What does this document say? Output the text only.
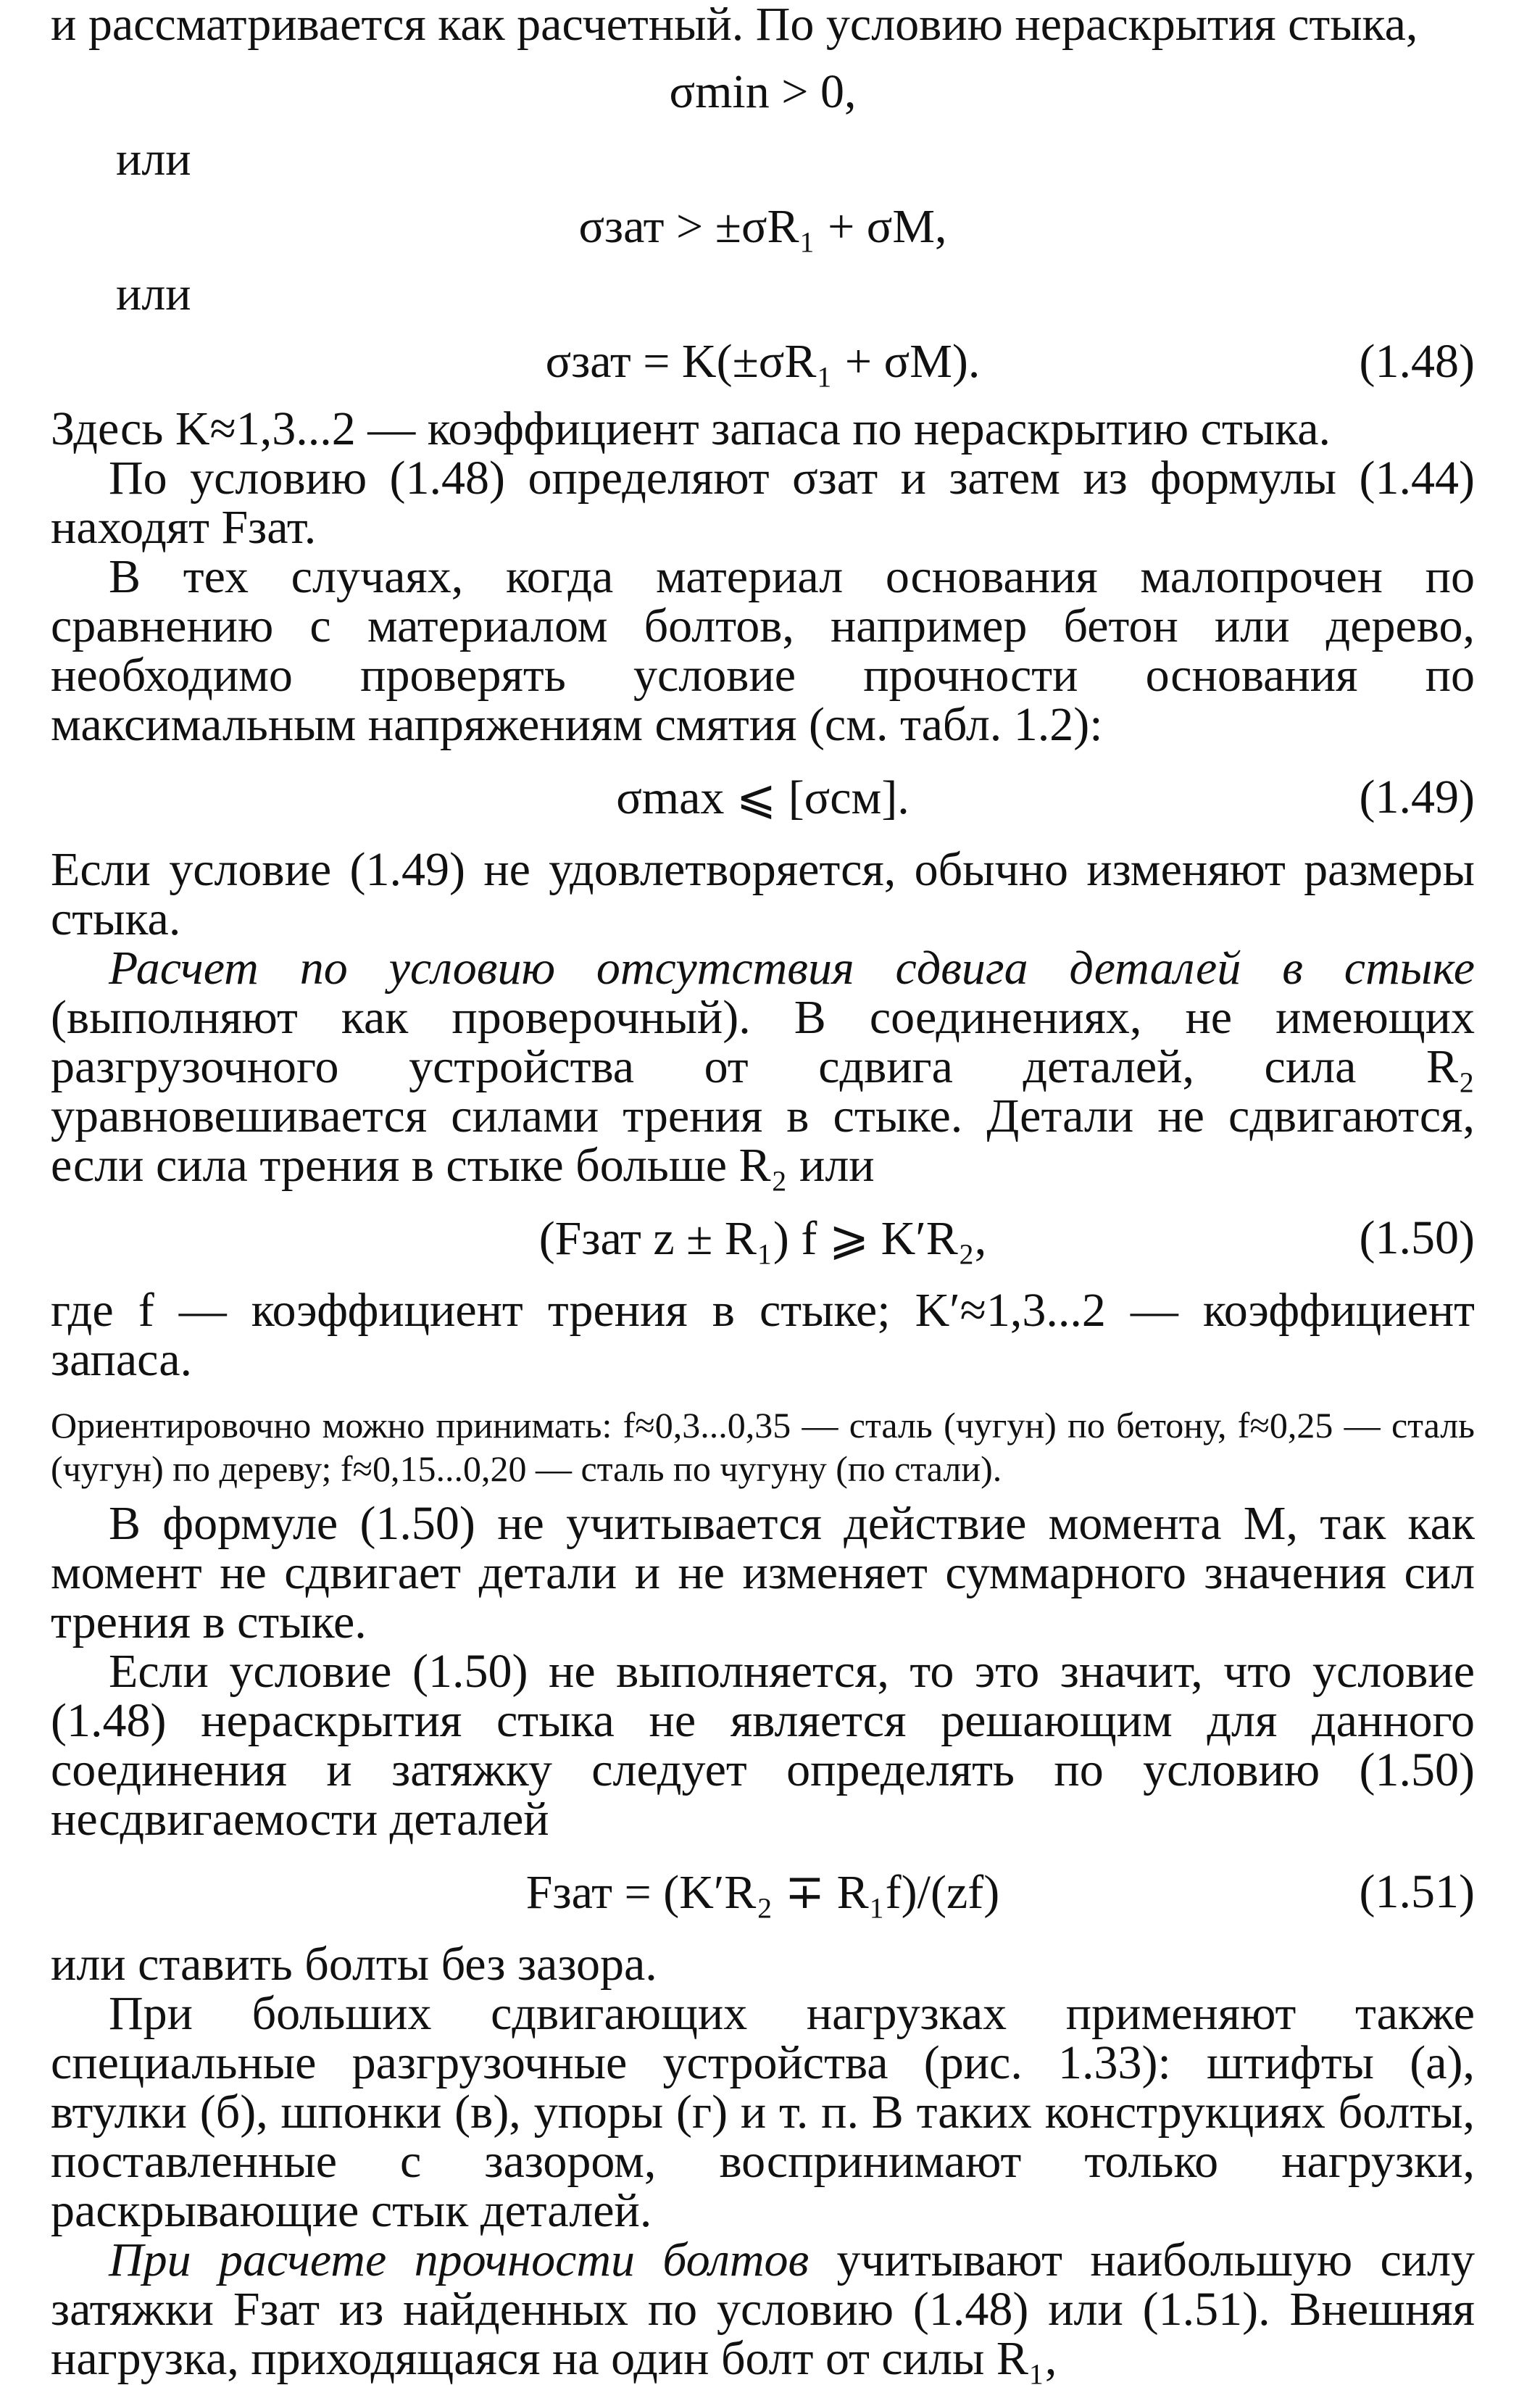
и рассматривается как расчетный. По условию нераскрытия стыка,

σmin > 0,

или

σзат > ±σR₁ + σM,

или

σзат = K(±σR₁ + σM).	(1.48)

Здесь K≈1,3...2 — коэффициент запаса по нераскрытию стыка.

По условию (1.48) определяют σзат и затем из формулы (1.44) находят Fзат.

В тех случаях, когда материал основания малопрочен по сравнению с материалом болтов, например бетон или дерево, необходимо проверять условие прочности основания по максимальным напряжениям смятия (см. табл. 1.2):

σmax ⩽ [σсм].	(1.49)

Если условие (1.49) не удовлетворяется, обычно изменяют размеры стыка.

Расчет по условию отсутствия сдвига деталей в стыке (выполняют как проверочный). В соединениях, не имеющих разгрузочного устройства от сдвига деталей, сила R₂ уравновешивается силами трения в стыке. Детали не сдвигаются, если сила трения в стыке больше R₂ или

(Fзат z ± R₁) f ⩾ K′R₂,	(1.50)

где f — коэффициент трения в стыке; K′≈1,3...2 — коэффициент запаса.

Ориентировочно можно принимать: f≈0,3...0,35 — сталь (чугун) по бетону, f≈0,25 — сталь (чугун) по дереву; f≈0,15...0,20 — сталь по чугуну (по стали).

В формуле (1.50) не учитывается действие момента M, так как момент не сдвигает детали и не изменяет суммарного значения сил трения в стыке.

Если условие (1.50) не выполняется, то это значит, что условие (1.48) нераскрытия стыка не является решающим для данного соединения и затяжку следует определять по условию (1.50) несдвигаемости деталей

Fзат = (K′R₂ ∓ R₁f)/(zf)	(1.51)

или ставить болты без зазора.

При больших сдвигающих нагрузках применяют также специальные разгрузочные устройства (рис. 1.33): штифты (а), втулки (б), шпонки (в), упоры (г) и т. п. В таких конструкциях болты, поставленные с зазором, воспринимают только нагрузки, раскрывающие стык деталей.

При расчете прочности болтов учитывают наибольшую силу затяжки Fзат из найденных по условию (1.48) или (1.51). Внешняя нагрузка, приходящаяся на один болт от силы R₁,
